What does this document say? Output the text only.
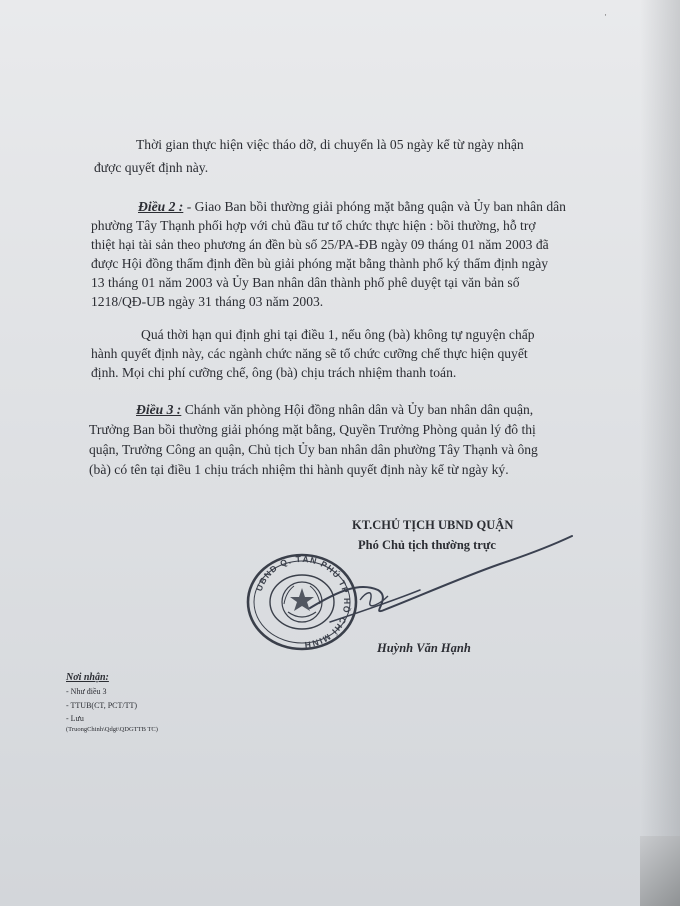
·
Thời gian thực hiện việc tháo dỡ, di chuyển là 05 ngày kể từ ngày nhận
được quyết định này.
Điều 2 : - Giao Ban bồi thường giải phóng mặt bằng quận và Ủy ban nhân dân
phường Tây Thạnh phối hợp với chủ đầu tư tổ chức thực hiện : bồi thường, hỗ trợ
thiệt hại tài sản theo phương án đền bù số 25/PA-ĐB ngày 09 tháng 01 năm 2003 đã
được Hội đồng thẩm định đền bù giải phóng mặt bằng thành phố ký thẩm định ngày
13 tháng 01 năm 2003 và Ủy Ban nhân dân thành phố phê duyệt tại văn bản số
1218/QĐ-UB ngày 31 tháng 03 năm 2003.
Quá thời hạn qui định ghi tại điều 1, nếu ông (bà) không tự nguyện chấp
hành quyết định này, các ngành chức năng sẽ tổ chức cưỡng chế thực hiện quyết
định. Mọi chi phí cưỡng chế, ông (bà) chịu trách nhiệm thanh toán.
Điều 3 : Chánh văn phòng Hội đồng nhân dân và Ủy ban nhân dân quận,
Trưởng Ban bồi thường giải phóng mặt bằng, Quyền Trưởng Phòng quản lý đô thị
quận, Trưởng Công an quận, Chủ tịch Ủy ban nhân dân phường Tây Thạnh và ông
(bà) có tên tại điều 1 chịu trách nhiệm thi hành quyết định này kể từ ngày ký.
KT.CHỦ TỊCH UBND QUẬN
Phó Chủ tịch thường trực
UBND Q. TÂN PHÚ TP HỒ CHÍ MINH	Huỳnh Văn Hạnh
Nơi nhận:
- Như điều 3
- TTUB(CT, PCT/TT)
- Lưu
(TruongChinh\Qdgt\QDGTTB TC)
